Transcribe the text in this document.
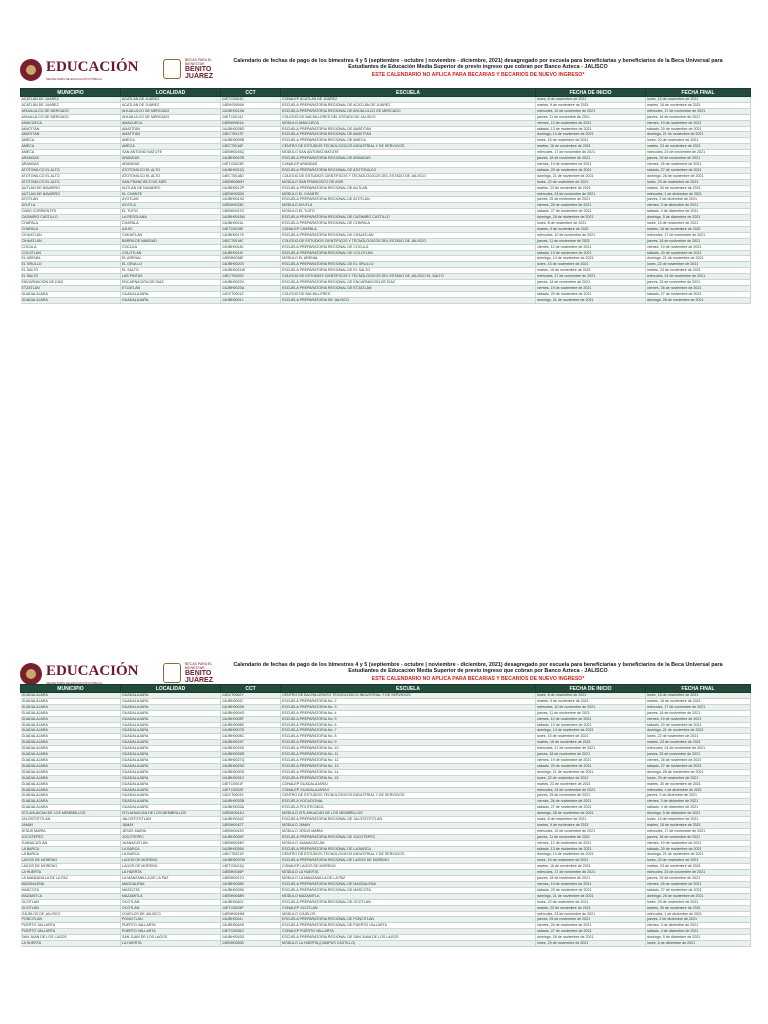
EDUCACIÓN
SECRETARÍA DE EDUCACIÓN PÚBLICA
BECAS PARA EL BIENESTAR
BENITO JUÁREZ
Calendario de fechas de pago de los bimestres 4 y 5 (septiembre - octubre | noviembre - diciembre, 2021) desagregado por escuela para beneficiarias y beneficiarios de la Beca Universal para Estudiantes de Educación Media Superior de previo ingreso que cobran por Banco Azteca - JALISCO
ESTE CALENDARIO NO APLICA PARA BECARIAS Y BECARIOS DE NUEVO INGRESO*
MUNICIPIO	LOCALIDAD	CCT	ESCUELA	FECHA DE INICIO	FECHA FINAL
ACATLÁN DE JUÁREZ	ACATLÁN DE JUÁREZ	14ETC0004C	CONALEP ACATLÁN DE JUÁREZ	lunes, 8 de noviembre de 2021	lunes, 15 de noviembre de 2021
ACATLÁN DE JUÁREZ	ACATLÁN DE JUÁREZ	14EMS0009U	ESCUELA PREPARATORIA REGIONAL DE ACATLÁN DE JUÁREZ	martes, 9 de noviembre de 2021	martes, 16 de noviembre de 2021
AHUALULCO DE MERCADO	AHUALULCO DE MERCADO	14UBH0014N	ESCUELA PREPARATORIA REGIONAL DE AHUALULCO DE MERCADO	miércoles, 10 de noviembre de 2021	miércoles, 17 de noviembre de 2021
AHUALULCO DE MERCADO	AHUALULCO DE MERCADO	14ETC0014J	COLEGIO DE BACHILLERES DEL ESTADO DE JALISCO	jueves, 11 de noviembre de 2021	jueves, 18 de noviembre de 2021
AMACUECA	AMACUECA	14EBH0051A	MÓDULO AMACUECA	viernes, 12 de noviembre de 2021	viernes, 19 de noviembre de 2021
AMATITÁN	AMATITÁN	14UBH0028O	ESCUELA PREPARATORIA REGIONAL DE AMATITÁN	sábado, 13 de noviembre de 2021	sábado, 20 de noviembre de 2021
AMATITÁN	AMATITÁN	14ECT0017E	ESCUELA PREPARATORIA REGIONAL DE AMATITÁN	domingo, 14 de noviembre de 2021	domingo, 21 de noviembre de 2021
AMECA	AMECA	14UBH0009B	ESCUELA PREPARATORIA REGIONAL DE AMECA	lunes, 15 de noviembre de 2021	lunes, 22 de noviembre de 2021
AMECA	AMECA	14ECT0016F	CENTRO DE ESTUDIOS TECNOLÓGICOS INDUSTRIAL Y DE SERVICIOS	martes, 16 de noviembre de 2021	martes, 23 de noviembre de 2021
AMECA	SAN ANTONIO MATUTE	14EBH0045Q	MÓDULO SAN ANTONIO MATUTE	miércoles, 17 de noviembre de 2021	miércoles, 24 de noviembre de 2021
ARANDAS	ARANDAS	14UBH0010R	ESCUELA PREPARATORIA REGIONAL DE ARANDAS	jueves, 18 de noviembre de 2021	jueves, 25 de noviembre de 2021
ARANDAS	ARANDAS	14ETC0023R	CONALEP ARANDAS	viernes, 19 de noviembre de 2021	viernes, 26 de noviembre de 2021
ATOTONILCO EL ALTO	ATOTONILCO EL ALTO	14UBH0011Q	ESCUELA PREPARATORIA REGIONAL DE ATOTONILCO	sábado, 20 de noviembre de 2021	sábado, 27 de noviembre de 2021
ATOTONILCO EL ALTO	ATOTONILCO EL ALTO	14ECT0018D	COLEGIO DE ESTUDIOS CIENTÍFICOS Y TECNOLÓGICOS DEL ESTADO DE JALISCO	domingo, 21 de noviembre de 2021	domingo, 28 de noviembre de 2021
ATOTONILCO EL ALTO	SAN FRANCISCO DE ASÍS	14EBH0060H	MÓDULO SAN FRANCISCO DE ASÍS	lunes, 22 de noviembre de 2021	lunes, 29 de noviembre de 2021
AUTLÁN DE NAVARRO	AUTLÁN DE NAVARRO	14UBH0012P	ESCUELA PREPARATORIA REGIONAL DE AUTLÁN	martes, 23 de noviembre de 2021	martes, 30 de noviembre de 2021
AUTLÁN DE NAVARRO	EL CHANTE	14EBH0030N	MÓDULO EL CHANTE	miércoles, 24 de noviembre de 2021	miércoles, 1 de diciembre de 2021
AYOTLÁN	AYOTLÁN	14UBH0013O	ESCUELA PREPARATORIA REGIONAL DE AYOTLÁN	jueves, 25 de noviembre de 2021	jueves, 2 de diciembre de 2021
AYUTLA	AYUTLA	14EBH0033K	MÓDULO AYUTLA	viernes, 26 de noviembre de 2021	viernes, 3 de diciembre de 2021
CABO CORRIENTES	EL TUITO	14EBH0037G	MÓDULO EL TUITO	sábado, 27 de noviembre de 2021	sábado, 4 de diciembre de 2021
CASIMIRO CASTILLO	LA RESOLANA	14UBH0015M	ESCUELA PREPARATORIA REGIONAL DE CASIMIRO CASTILLO	domingo, 28 de noviembre de 2021	domingo, 5 de diciembre de 2021
CHAPALA	CHAPALA	14UBH0016L	ESCUELA PREPARATORIA REGIONAL DE CHAPALA	lunes, 8 de noviembre de 2021	lunes, 15 de noviembre de 2021
CHAPALA	AJIJIC	14ETC0019E	CONALEP CHAPALA	martes, 9 de noviembre de 2021	martes, 16 de noviembre de 2021
CIHUATLÁN	CIHUATLÁN	14UBH0017K	ESCUELA PREPARATORIA REGIONAL DE CIHUATLÁN	miércoles, 10 de noviembre de 2021	miércoles, 17 de noviembre de 2021
CIHUATLÁN	BARRA DE NAVIDAD	14ECT0019C	COLEGIO DE ESTUDIOS CIENTÍFICOS Y TECNOLÓGICOS DEL ESTADO DE JALISCO	jueves, 11 de noviembre de 2021	jueves, 18 de noviembre de 2021
COCULA	COCULA	14UBH0018J	ESCUELA PREPARATORIA REGIONAL DE COCULA	viernes, 12 de noviembre de 2021	viernes, 19 de noviembre de 2021
COLOTLÁN	COLOTLÁN	14UBH0019I	ESCUELA PREPARATORIA REGIONAL DE COLOTLÁN	sábado, 13 de noviembre de 2021	sábado, 20 de noviembre de 2021
EL ARENAL	EL ARENAL	14EBH0038F	MÓDULO EL ARENAL	domingo, 14 de noviembre de 2021	domingo, 21 de noviembre de 2021
EL GRULLO	EL GRULLO	14UBH0020X	ESCUELA PREPARATORIA REGIONAL DE EL GRULLO	lunes, 15 de noviembre de 2021	lunes, 22 de noviembre de 2021
EL SALTO	EL SALTO	14UBH0021W	ESCUELA PREPARATORIA REGIONAL DE EL SALTO	martes, 16 de noviembre de 2021	martes, 23 de noviembre de 2021
EL SALTO	LAS PINTAS	14ECT0020S	COLEGIO DE ESTUDIOS CIENTÍFICOS Y TECNOLÓGICOS DEL ESTADO DE JALISCO EL SALTO	miércoles, 17 de noviembre de 2021	miércoles, 24 de noviembre de 2021
ENCARNACIÓN DE DÍAZ	ENCARNACIÓN DE DÍAZ	14UBH0022V	ESCUELA PREPARATORIA REGIONAL DE ENCARNACIÓN DE DÍAZ	jueves, 18 de noviembre de 2021	jueves, 25 de noviembre de 2021
ETZATLÁN	ETZATLÁN	14UBH0023U	ESCUELA PREPARATORIA REGIONAL DE ETZATLÁN	viernes, 19 de noviembre de 2021	viernes, 26 de noviembre de 2021
GUADALAJARA	GUADALAJARA	14DCT0001Z	COLEGIO DE BACHILLERES	sábado, 20 de noviembre de 2021	sábado, 27 de noviembre de 2021
GUADALAJARA	GUADALAJARA	14UBH0001J	ESCUELA PREPARATORIA DE JALISCO	domingo, 21 de noviembre de 2021	domingo, 28 de noviembre de 2021
EDUCACIÓN
SECRETARÍA DE EDUCACIÓN PÚBLICA
BECAS PARA EL BIENESTAR
BENITO JUÁREZ
Calendario de fechas de pago de los bimestres 4 y 5 (septiembre - octubre | noviembre - diciembre, 2021) desagregado por escuela para beneficiarias y beneficiarios de la Beca Universal para Estudiantes de Educación Media Superior de previo ingreso que cobran por Banco Azteca - JALISCO
ESTE CALENDARIO NO APLICA PARA BECARIAS Y BECARIOS DE NUEVO INGRESO*
MUNICIPIO	LOCALIDAD	CCT	ESCUELA	FECHA DE INICIO	FECHA FINAL
GUADALAJARA	GUADALAJARA	14DCT0002Y	CENTRO DE BACHILLERATO TECNOLÓGICO INDUSTRIAL Y DE SERVICIOS	lunes, 8 de noviembre de 2021	lunes, 15 de noviembre de 2021
GUADALAJARA	GUADALAJARA	14UBH0002I	ESCUELA PREPARATORIA No. 2	martes, 9 de noviembre de 2021	martes, 16 de noviembre de 2021
GUADALAJARA	GUADALAJARA	14UBH0003H	ESCUELA PREPARATORIA No. 3	miércoles, 10 de noviembre de 2021	miércoles, 17 de noviembre de 2021
GUADALAJARA	GUADALAJARA	14UBH0004G	ESCUELA PREPARATORIA No. 4	jueves, 11 de noviembre de 2021	jueves, 18 de noviembre de 2021
GUADALAJARA	GUADALAJARA	14UBH0005F	ESCUELA PREPARATORIA No. 5	viernes, 12 de noviembre de 2021	viernes, 19 de noviembre de 2021
GUADALAJARA	GUADALAJARA	14UBH0006E	ESCUELA PREPARATORIA No. 6	sábado, 13 de noviembre de 2021	sábado, 20 de noviembre de 2021
GUADALAJARA	GUADALAJARA	14UBH0007D	ESCUELA PREPARATORIA No. 7	domingo, 14 de noviembre de 2021	domingo, 21 de noviembre de 2021
GUADALAJARA	GUADALAJARA	14UBH0008C	ESCUELA PREPARATORIA No. 8	lunes, 15 de noviembre de 2021	lunes, 22 de noviembre de 2021
GUADALAJARA	GUADALAJARA	14UBH0024T	ESCUELA PREPARATORIA No. 9	martes, 16 de noviembre de 2021	martes, 23 de noviembre de 2021
GUADALAJARA	GUADALAJARA	14UBH0025S	ESCUELA PREPARATORIA No. 10	miércoles, 17 de noviembre de 2021	miércoles, 24 de noviembre de 2021
GUADALAJARA	GUADALAJARA	14UBH0026R	ESCUELA PREPARATORIA No. 11	jueves, 18 de noviembre de 2021	jueves, 25 de noviembre de 2021
GUADALAJARA	GUADALAJARA	14UBH0027Q	ESCUELA PREPARATORIA No. 12	viernes, 19 de noviembre de 2021	viernes, 26 de noviembre de 2021
GUADALAJARA	GUADALAJARA	14UBH0029O	ESCUELA PREPARATORIA No. 13	sábado, 20 de noviembre de 2021	sábado, 27 de noviembre de 2021
GUADALAJARA	GUADALAJARA	14UBH0030D	ESCUELA PREPARATORIA No. 14	domingo, 21 de noviembre de 2021	domingo, 28 de noviembre de 2021
GUADALAJARA	GUADALAJARA	14UBH0031C	ESCUELA PREPARATORIA No. 15	lunes, 22 de noviembre de 2021	lunes, 29 de noviembre de 2021
GUADALAJARA	GUADALAJARA	14ETC0001F	CONALEP GUADALAJARA I	martes, 23 de noviembre de 2021	martes, 30 de noviembre de 2021
GUADALAJARA	GUADALAJARA	14ETC0002E	CONALEP GUADALAJARA II	miércoles, 24 de noviembre de 2021	miércoles, 1 de diciembre de 2021
GUADALAJARA	GUADALAJARA	14DCT0003X	CENTRO DE ESTUDIOS TECNOLÓGICOS INDUSTRIAL Y DE SERVICIOS	jueves, 25 de noviembre de 2021	jueves, 2 de diciembre de 2021
GUADALAJARA	GUADALAJARA	14UBH0032B	ESCUELA VOCACIONAL	viernes, 26 de noviembre de 2021	viernes, 3 de diciembre de 2021
GUADALAJARA	GUADALAJARA	14UBH0033A	ESCUELA POLITÉCNICA	sábado, 27 de noviembre de 2021	sábado, 4 de diciembre de 2021
IXTLAHUACÁN DE LOS MEMBRILLOS	IXTLAHUACÁN DE LOS MEMBRILLOS	14EBH0041U	MÓDULO IXTLAHUACÁN DE LOS MEMBRILLOS	domingo, 28 de noviembre de 2021	domingo, 5 de diciembre de 2021
JALOSTOTITLÁN	JALOSTOTITLÁN	14UBH0034Z	ESCUELA PREPARATORIA REGIONAL DE JALOSTOTITLÁN	lunes, 8 de noviembre de 2021	lunes, 15 de noviembre de 2021
JAMAY	JAMAY	14EBH0042T	MÓDULO JAMAY	martes, 9 de noviembre de 2021	martes, 16 de noviembre de 2021
JESÚS MARÍA	JESÚS MARÍA	14EBH0043S	MÓDULO JESÚS MARÍA	miércoles, 10 de noviembre de 2021	miércoles, 17 de noviembre de 2021
JOCOTEPEC	JOCOTEPEC	14UBH0035Y	ESCUELA PREPARATORIA REGIONAL DE JOCOTEPEC	jueves, 11 de noviembre de 2021	jueves, 18 de noviembre de 2021
JUANACATLÁN	JUANACATLÁN	14EBH0044R	MÓDULO JUANACATLÁN	viernes, 12 de noviembre de 2021	viernes, 19 de noviembre de 2021
LA BARCA	LA BARCA	14UBH0036X	ESCUELA PREPARATORIA REGIONAL DE LA BARCA	sábado, 13 de noviembre de 2021	sábado, 20 de noviembre de 2021
LA BARCA	LA BARCA	14ECT0021R	CENTRO DE ESTUDIOS TECNOLÓGICOS INDUSTRIAL Y DE SERVICIOS	domingo, 14 de noviembre de 2021	domingo, 21 de noviembre de 2021
LAGOS DE MORENO	LAGOS DE MORENO	14UBH0037W	ESCUELA PREPARATORIA REGIONAL DE LAGOS DE MORENO	lunes, 15 de noviembre de 2021	lunes, 22 de noviembre de 2021
LAGOS DE MORENO	LAGOS DE MORENO	14ETC0024Q	CONALEP LAGOS DE MORENO	martes, 16 de noviembre de 2021	martes, 23 de noviembre de 2021
LA HUERTA	LA HUERTA	14EBH0046P	MÓDULO LA HUERTA	miércoles, 17 de noviembre de 2021	miércoles, 24 de noviembre de 2021
LA MANZANILLA DE LA PAZ	LA MANZANILLA DE LA PAZ	14EBH0047O	MÓDULO LA MANZANILLA DE LA PAZ	jueves, 18 de noviembre de 2021	jueves, 25 de noviembre de 2021
MAGDALENA	MAGDALENA	14UBH0038V	ESCUELA PREPARATORIA REGIONAL DE MAGDALENA	viernes, 19 de noviembre de 2021	viernes, 26 de noviembre de 2021
MASCOTA	MASCOTA	14UBH0039U	ESCUELA PREPARATORIA REGIONAL DE MASCOTA	sábado, 20 de noviembre de 2021	sábado, 27 de noviembre de 2021
MAZAMITLA	MAZAMITLA	14EBH0048N	MÓDULO MAZAMITLA	domingo, 21 de noviembre de 2021	domingo, 28 de noviembre de 2021
OCOTLÁN	OCOTLÁN	14UBH0040J	ESCUELA PREPARATORIA REGIONAL DE OCOTLÁN	lunes, 22 de noviembre de 2021	lunes, 29 de noviembre de 2021
OCOTLÁN	OCOTLÁN	14ETC0025P	CONALEP OCOTLÁN	martes, 23 de noviembre de 2021	martes, 30 de noviembre de 2021
OJUELOS DE JALISCO	OJUELOS DE JALISCO	14EBH0049M	MÓDULO OJUELOS	miércoles, 24 de noviembre de 2021	miércoles, 1 de diciembre de 2021
PONCITLÁN	PONCITLÁN	14UBH0041I	ESCUELA PREPARATORIA REGIONAL DE PONCITLÁN	jueves, 25 de noviembre de 2021	jueves, 2 de diciembre de 2021
PUERTO VALLARTA	PUERTO VALLARTA	14UBH0042H	ESCUELA PREPARATORIA REGIONAL DE PUERTO VALLARTA	viernes, 26 de noviembre de 2021	viernes, 3 de diciembre de 2021
PUERTO VALLARTA	PUERTO VALLARTA	14ETC0026O	CONALEP PUERTO VALLARTA	sábado, 27 de noviembre de 2021	sábado, 4 de diciembre de 2021
SAN JUAN DE LOS LAGOS	SAN JUAN DE LOS LAGOS	14UBH0043G	ESCUELA PREPARATORIA REGIONAL DE SAN JUAN DE LOS LAGOS	domingo, 28 de noviembre de 2021	domingo, 5 de diciembre de 2021
LA HUERTA	LA HUERTA	14EBH0050B	MÓDULO LA HUERTA (CAMPUS CASTILLO)	lunes, 29 de noviembre de 2021	lunes, 6 de diciembre de 2021
